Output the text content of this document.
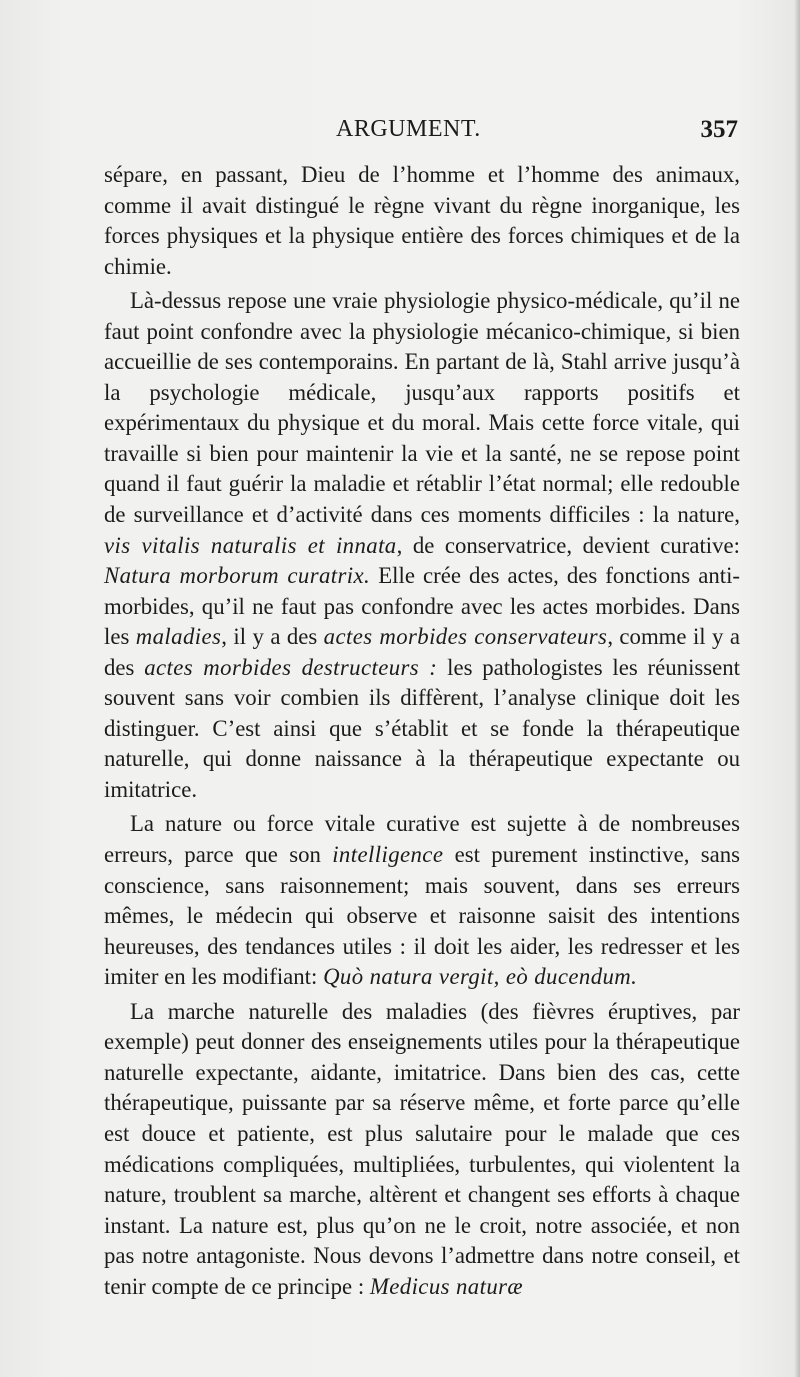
ARGUMENT.	357

sépare, en passant, Dieu de l’homme et l’homme des animaux, comme il avait distingué le règne vivant du règne inorganique, les forces physiques et la physique entière des forces chimiques et de la chimie.

Là-dessus repose une vraie physiologie physico-médicale, qu’il ne faut point confondre avec la physiologie mécanico-chimique, si bien accueillie de ses contemporains. En partant de là, Stahl arrive jusqu’à la psychologie médicale, jusqu’aux rapports positifs et expérimentaux du physique et du moral. Mais cette force vitale, qui travaille si bien pour maintenir la vie et la santé, ne se repose point quand il faut guérir la maladie et rétablir l’état normal; elle redouble de surveillance et d’activité dans ces moments difficiles : la nature, vis vitalis naturalis et innata, de conservatrice, devient curative: Natura morborum curatrix. Elle crée des actes, des fonctions anti-morbides, qu’il ne faut pas confondre avec les actes morbides. Dans les maladies, il y a des actes morbides conservateurs, comme il y a des actes morbides destructeurs : les pathologistes les réunissent souvent sans voir combien ils diffèrent, l’analyse clinique doit les distinguer. C’est ainsi que s’établit et se fonde la thérapeutique naturelle, qui donne naissance à la thérapeutique expectante ou imitatrice.

La nature ou force vitale curative est sujette à de nombreuses erreurs, parce que son intelligence est purement instinctive, sans conscience, sans raisonnement; mais souvent, dans ses erreurs mêmes, le médecin qui observe et raisonne saisit des intentions heureuses, des tendances utiles : il doit les aider, les redresser et les imiter en les modifiant: Quò natura vergit, eò ducendum.

La marche naturelle des maladies (des fièvres éruptives, par exemple) peut donner des enseignements utiles pour la thérapeutique naturelle expectante, aidante, imitatrice. Dans bien des cas, cette thérapeutique, puissante par sa réserve même, et forte parce qu’elle est douce et patiente, est plus salutaire pour le malade que ces médications compliquées, multipliées, turbulentes, qui violentent la nature, troublent sa marche, altèrent et changent ses efforts à chaque instant. La nature est, plus qu’on ne le croit, notre associée, et non pas notre antagoniste. Nous devons l’admettre dans notre conseil, et tenir compte de ce principe : Medicus naturæ
